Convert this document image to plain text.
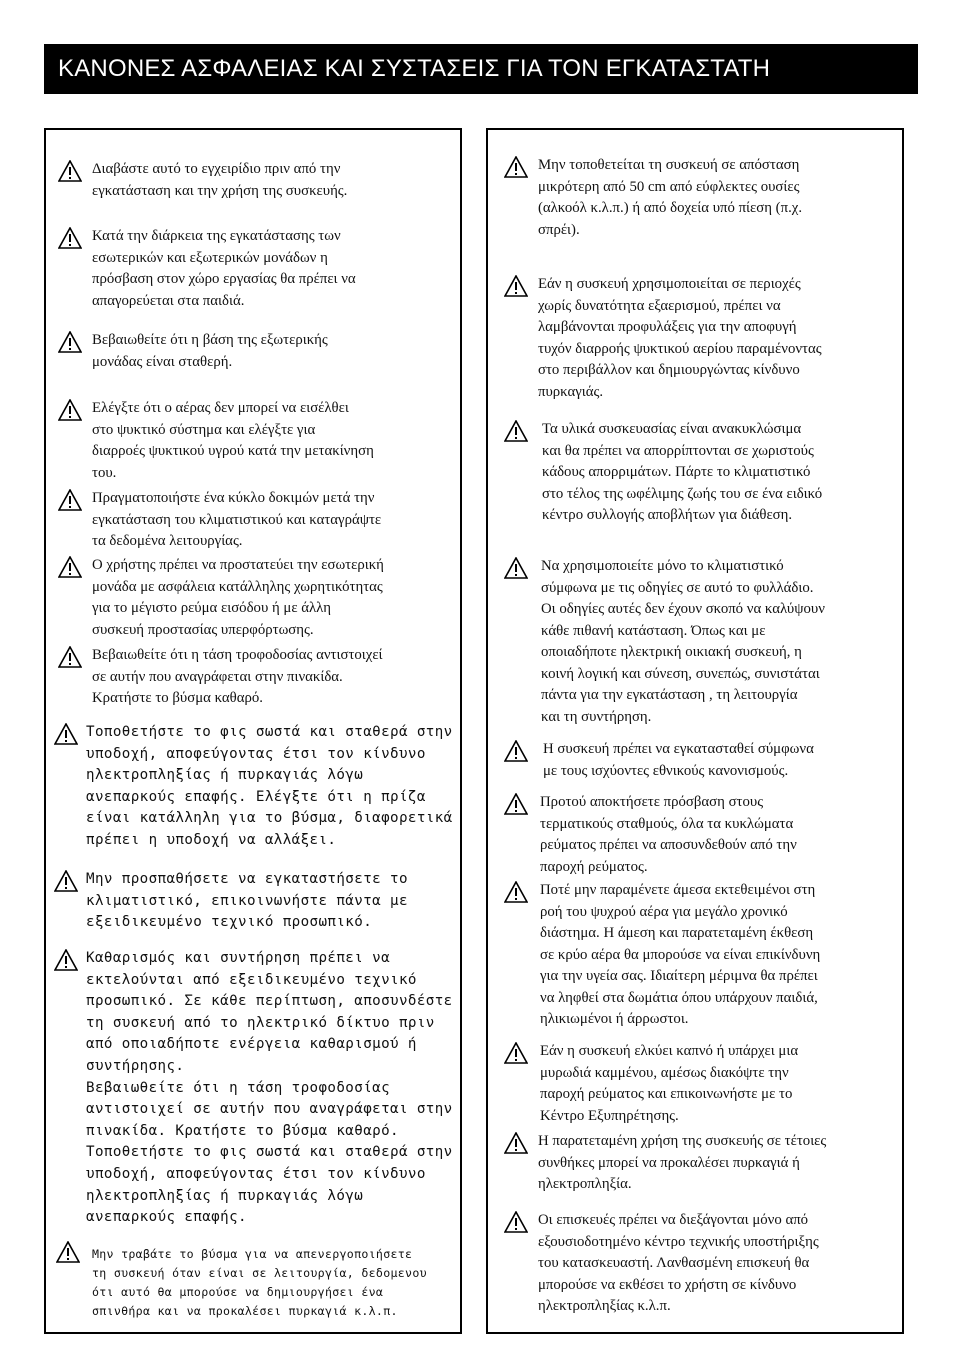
ΚΑΝΟΝΕΣ ΑΣΦΑΛΕΙΑΣ ΚΑΙ ΣΥΣΤΑΣΕΙΣ ΓΙΑ ΤΟΝ ΕΓΚΑΤΑΣΤΑΤΗ
Διαβάστε αυτό το εγχειρίδιο πριν από την
εγκατάσταση και την χρήση της συσκευής.
Κατά την διάρκεια της εγκατάστασης των
εσωτερικών και εξωτερικών μονάδων η
πρόσβαση στον χώρο εργασίας θα πρέπει να
απαγορεύεται στα παιδιά.
Βεβαιωθείτε ότι η βάση της εξωτερικής
μονάδας είναι σταθερή.
Ελέγξτε ότι ο αέρας δεν μπορεί να εισέλθει
στο ψυκτικό σύστημα και ελέγξτε για
διαρροές ψυκτικού υγρού κατά την μετακίνηση
του.
Πραγματοποιήστε ένα κύκλο δοκιμών μετά την
εγκατάσταση του κλιματιστικού και καταγράψτε
τα δεδομένα λειτουργίας.
Ο χρήστης πρέπει να προστατεύει την εσωτερική
μονάδα με ασφάλεια κατάλληλης χωρητικότητας
για το μέγιστο ρεύμα εισόδου ή με άλλη
συσκευή προστασίας υπερφόρτωσης.
Βεβαιωθείτε ότι η τάση τροφοδοσίας αντιστοιχεί
σε αυτήν που αναγράφεται στην πινακίδα.
Κρατήστε το βύσμα καθαρό.
Τοποθετήστε το φις σωστά και σταθερά στην
υποδοχή, αποφεύγοντας έτσι τον κίνδυνο
ηλεκτροπληξίας ή πυρκαγιάς λόγω
ανεπαρκούς επαφής. Ελέγξτε ότι η πρίζα
είναι κατάλληλη για το βύσμα, διαφορετικά
πρέπει η υποδοχή να αλλάξει.
Μην προσπαθήσετε να εγκαταστήσετε το
κλιματιστικό, επικοινωνήστε πάντα με
εξειδικευμένο τεχνικό προσωπικό.
Καθαρισμός και συντήρηση πρέπει να
εκτελούνται από εξειδικευμένο τεχνικό
προσωπικό. Σε κάθε περίπτωση, αποσυνδέστε
τη συσκευή από το ηλεκτρικό δίκτυο πριν
από οποιαδήποτε ενέργεια καθαρισμού ή
συντήρησης.
Βεβαιωθείτε ότι η τάση τροφοδοσίας
αντιστοιχεί σε αυτήν που αναγράφεται στην
πινακίδα. Κρατήστε το βύσμα καθαρό.
Τοποθετήστε το φις σωστά και σταθερά στην
υποδοχή, αποφεύγοντας έτσι τον κίνδυνο
ηλεκτροπληξίας ή πυρκαγιάς λόγω
ανεπαρκούς επαφής.
Μην τραβάτε το βύσμα για να απενεργοποιήσετε
τη συσκευή όταν είναι σε λειτουργία, δεδομενου
ότι αυτό θα μπορούσε να δημιουργήσει ένα
σπινθήρα και να προκαλέσει πυρκαγιά κ.λ.π.
Μην τοποθετείται τη συσκευή σε απόσταση
μικρότερη από 50 cm από εύφλεκτες ουσίες
(αλκοόλ κ.λ.π.) ή από δοχεία υπό πίεση (π.χ.
σπρέι).
Εάν η συσκευή χρησιμοποιείται σε περιοχές
χωρίς δυνατότητα εξαερισμού, πρέπει να
λαμβάνονται προφυλάξεις για την αποφυγή
τυχόν διαρροής ψυκτικού αερίου παραμένοντας
στο περιβάλλον και δημιουργώντας κίνδυνο
πυρκαγιάς.
Τα υλικά συσκευασίας είναι ανακυκλώσιμα
και θα πρέπει να απορρίπτονται σε χωριστούς
κάδους απορριμάτων. Πάρτε το κλιματιστικό
στο τέλος της ωφέλιμης ζωής του σε ένα ειδικό
κέντρο συλλογής αποβλήτων για διάθεση.
Να χρησιμοποιείτε μόνο το κλιματιστικό
σύμφωνα με τις οδηγίες σε αυτό το φυλλάδιο.
Οι οδηγίες αυτές δεν έχουν σκοπό να καλύψουν
κάθε πιθανή κατάσταση. Όπως και με
οποιαδήποτε ηλεκτρική οικιακή συσκευή, η
κοινή λογική και σύνεση, συνεπώς, συνιστάται
πάντα για την εγκατάσταση , τη λειτουργία
και τη συντήρηση.
Η συσκευή πρέπει να εγκατασταθεί σύμφωνα
με τους ισχύοντες εθνικούς κανονισμούς.
Προτού αποκτήσετε πρόσβαση στους
τερματικούς σταθμούς, όλα τα κυκλώματα
ρεύματος πρέπει να αποσυνδεθούν από την
παροχή ρεύματος.
Ποτέ μην παραμένετε άμεσα εκτεθειμένοι στη
ροή του ψυχρού αέρα για μεγάλο χρονικό
διάστημα. Η άμεση και παρατεταμένη έκθεση
σε κρύο αέρα θα μπορούσε να είναι επικίνδυνη
για την υγεία σας. Ιδιαίτερη μέριμνα θα πρέπει
να ληφθεί στα δωμάτια όπου υπάρχουν παιδιά,
ηλικιωμένοι ή άρρωστοι.
Εάν η συσκευή ελκύει καπνό ή υπάρχει μια
μυρωδιά καμμένου, αμέσως διακόψτε την
παροχή ρεύματος και επικοινωνήστε με το
Κέντρο Εξυπηρέτησης.
Η παρατεταμένη χρήση της συσκευής σε τέτοιες
συνθήκες μπορεί να προκαλέσει πυρκαγιά ή
ηλεκτροπληξία.
Οι επισκευές πρέπει να διεξάγονται μόνο από
εξουσιοδοτημένο κέντρο τεχνικής υποστήριξης
του κατασκευαστή. Λανθασμένη επισκευή θα
μπορούσε να εκθέσει το χρήστη σε κίνδυνο
ηλεκτροπληξίας κ.λ.π.
